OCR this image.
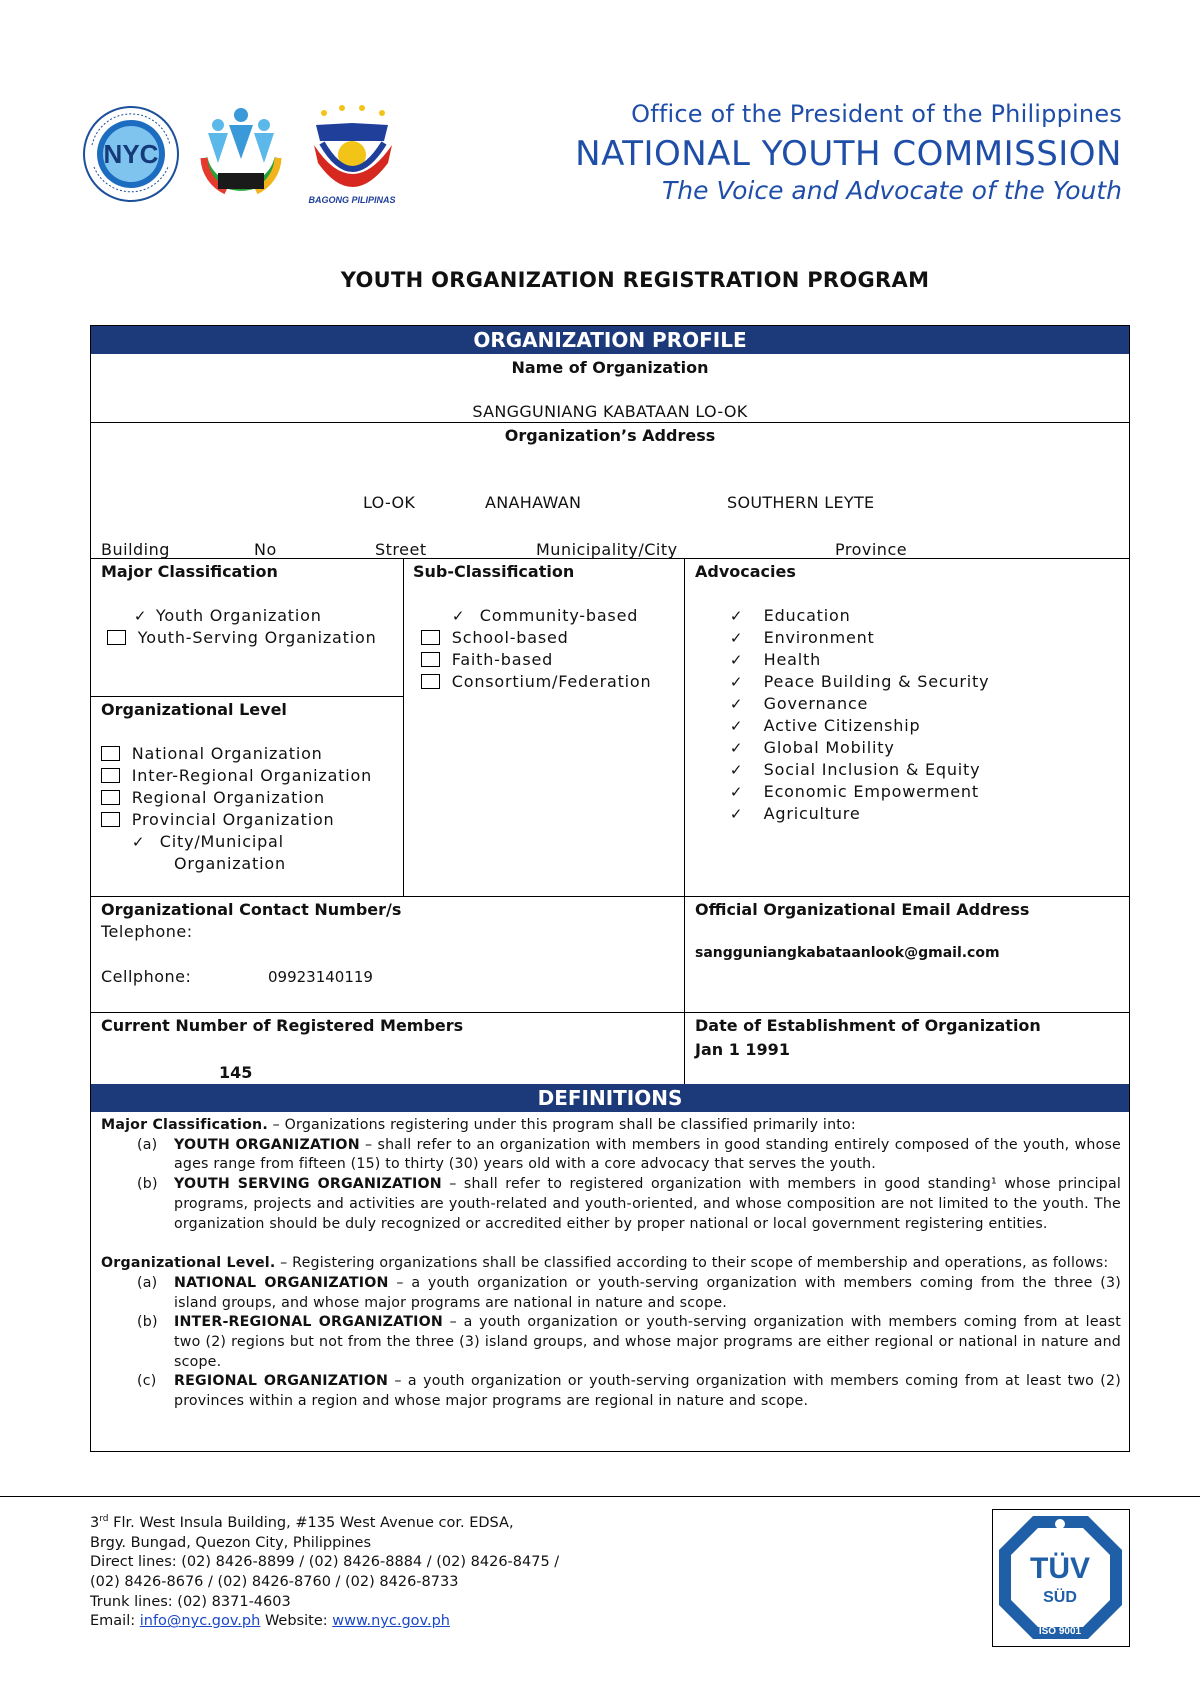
NYC
BAGONG PILIPINAS
Office of the President of the Philippines
NATIONAL YOUTH COMMISSION
The Voice and Advocate of the Youth
YOUTH ORGANIZATION REGISTRATION PROGRAM
ORGANIZATION PROFILE
Name of Organization
SANGGUNIANG KABATAAN LO-OK
Organization’s Address
LO-OK	ANAHAWAN	SOUTHERN LEYTE
Building	No	Street	Municipality/City	Province
Major Classification
✓ Youth Organization
Youth-Serving Organization
Organizational Level
National Organization
Inter-Regional Organization
Regional Organization
Provincial Organization
✓ City/Municipal
Organization
Sub-Classification
✓ Community-based
School-based
Faith-based
Consortium/Federation
Advocacies
✓ Education
✓ Environment
✓ Health
✓ Peace Building & Security
✓ Governance
✓ Active Citizenship
✓ Global Mobility
✓ Social Inclusion & Equity
✓ Economic Empowerment
✓ Agriculture
Organizational Contact Number/s
Telephone:
Cellphone:	09923140119
Official Organizational Email Address
sangguniangkabataanlook@gmail.com
Current Number of Registered Members
145
Date of Establishment of Organization
Jan 1 1991
DEFINITIONS

Major Classification. – Organizations registering under this program shall be classified primarily into:

(a) YOUTH ORGANIZATION – shall refer to an organization with members in good standing entirely composed of the youth, whose ages range from fifteen (15) to thirty (30) years old with a core advocacy that serves the youth.

(b) YOUTH SERVING ORGANIZATION – shall refer to registered organization with members in good standing¹ whose principal programs, projects and activities are youth-related and youth-oriented, and whose composition are not limited to the youth. The organization should be duly recognized or accredited either by proper national or local government registering entities.

Organizational Level. – Registering organizations shall be classified according to their scope of membership and operations, as follows:

(a) NATIONAL ORGANIZATION – a youth organization or youth-serving organization with members coming from the three (3) island groups, and whose major programs are national in nature and scope.

(b) INTER-REGIONAL ORGANIZATION – a youth organization or youth-serving organization with members coming from at least two (2) regions but not from the three (3) island groups, and whose major programs are either regional or national in nature and scope.

(c) REGIONAL ORGANIZATION – a youth organization or youth-serving organization with members coming from at least two (2) provinces within a region and whose major programs are regional in nature and scope.

3rd Flr. West Insula Building, #135 West Avenue cor. EDSA,
Brgy. Bungad, Quezon City, Philippines
Direct lines: (02) 8426-8899 / (02) 8426-8884 / (02) 8426-8475 /
(02) 8426-8676 / (02) 8426-8760 / (02) 8426-8733
Trunk lines: (02) 8371-4603
Email: info@nyc.gov.ph Website: www.nyc.gov.ph
TÜV
SÜD
ISO 9001
